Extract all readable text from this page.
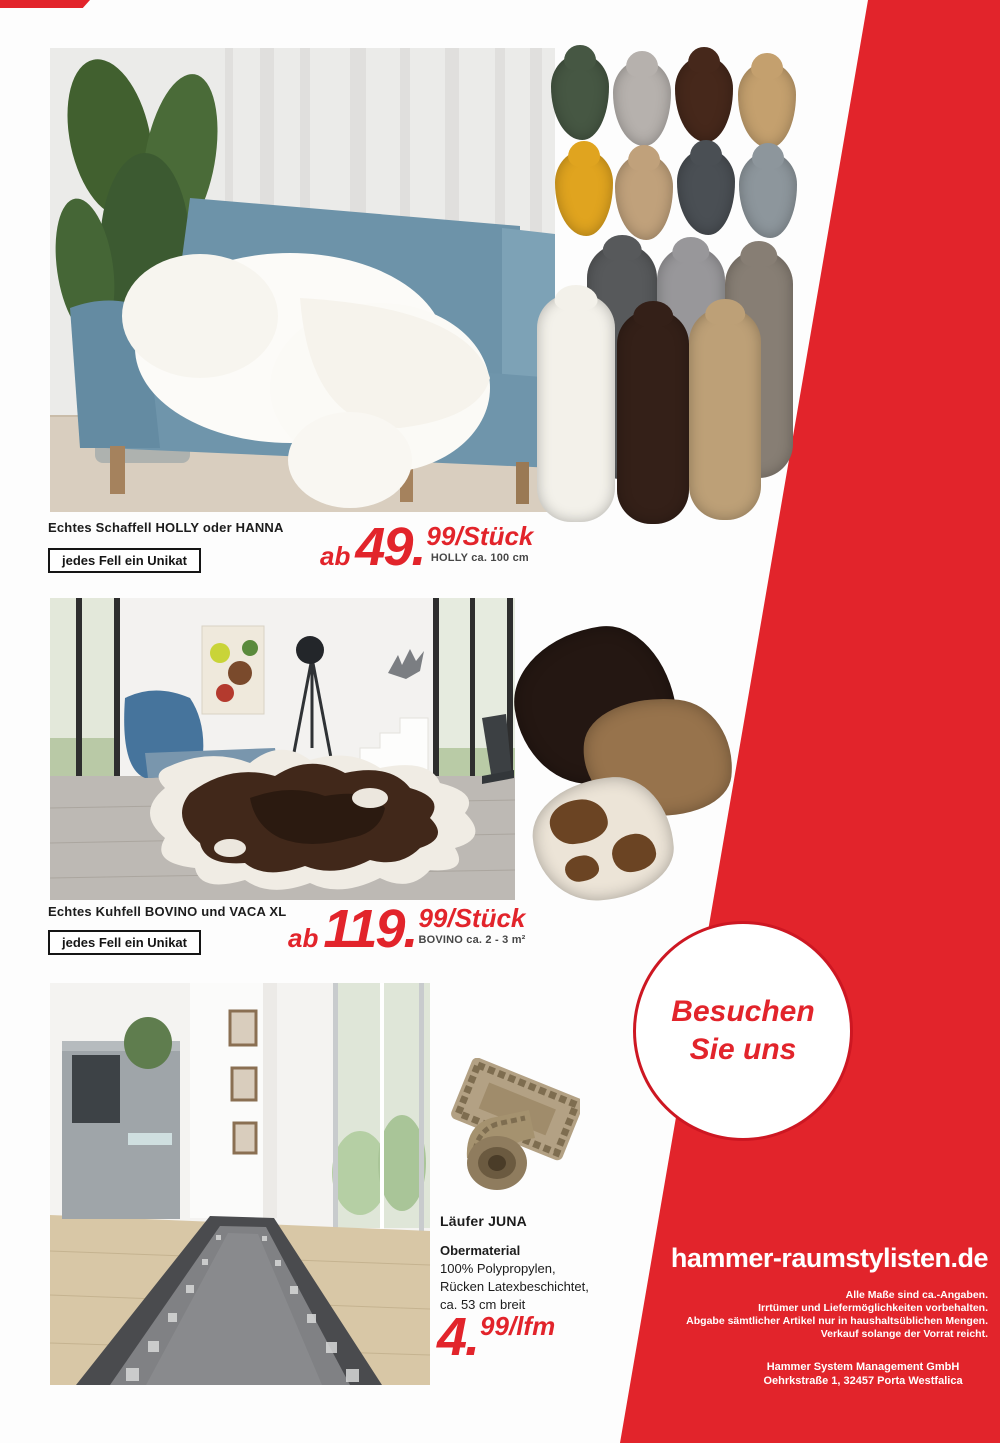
Echtes Schaffell HOLLY oder HANNA
jedes Fell ein Unikat	ab49. 99/Stück
HOLLY ca. 100 cm
Echtes Kuhfell BOVINO und VACA XL
jedes Fell ein Unikat	ab119. 99/Stück
BOVINO ca. 2 - 3 m²
Läufer JUNA
Obermaterial
100% Polypropylen,
Rücken Latexbeschichtet,
ca. 53 cm breit
4. 99/lfm
Besuchen
Sie uns
hammer-raumstylisten.de
Alle Maße sind ca.-Angaben.
Irrtümer und Liefermöglichkeiten vorbehalten.
Abgabe sämtlicher Artikel nur in haushaltsüblichen Mengen.
Verkauf solange der Vorrat reicht.
Hammer System Management GmbH
Oehrkstraße 1, 32457 Porta Westfalica
